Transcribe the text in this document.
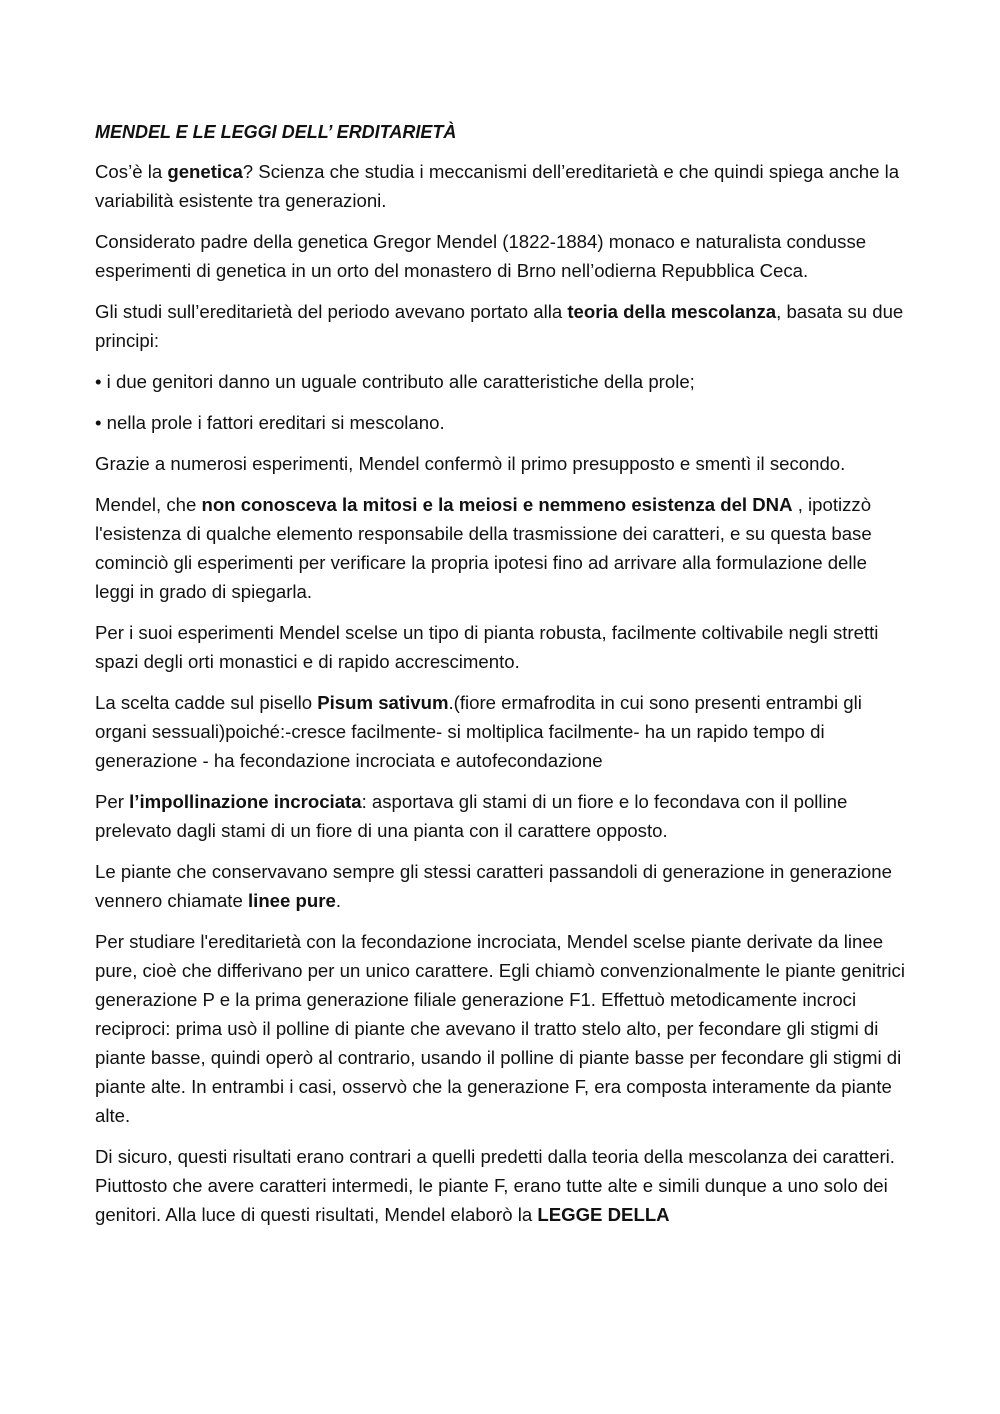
MENDEL E LE LEGGI DELL’ ERDITARIETÀ

Cos’è la genetica? Scienza che studia i meccanismi dell’ereditarietà e che quindi spiega anche la variabilità esistente tra generazioni.

Considerato padre della genetica Gregor Mendel (1822-1884) monaco e naturalista condusse esperimenti di genetica in un orto del monastero di Brno nell’odierna Repubblica Ceca.

Gli studi sull’ereditarietà del periodo avevano portato alla teoria della mescolanza, basata su due principi:

• i due genitori danno un uguale contributo alle caratteristiche della prole;

• nella prole i fattori ereditari si mescolano.

Grazie a numerosi esperimenti, Mendel confermò il primo presupposto e smentì il secondo.

Mendel, che non conosceva la mitosi e la meiosi e nemmeno esistenza del DNA , ipotizzò l'esistenza di qualche elemento responsabile della trasmissione dei caratteri, e su questa base cominciò gli esperimenti per verificare la propria ipotesi fino ad arrivare alla formulazione delle leggi in grado di spiegarla.

Per i suoi esperimenti Mendel scelse un tipo di pianta robusta, facilmente coltivabile negli stretti spazi degli orti monastici e di rapido accrescimento.

La scelta cadde sul pisello Pisum sativum.(fiore ermafrodita in cui sono presenti entrambi gli organi sessuali)poiché:-cresce facilmente- si moltiplica facilmente- ha un rapido tempo di generazione - ha fecondazione incrociata e autofecondazione

Per l’impollinazione incrociata: asportava gli stami di un fiore e lo fecondava con il polline prelevato dagli stami di un fiore di una pianta con il carattere opposto.

Le piante che conservavano sempre gli stessi caratteri passandoli di generazione in generazione vennero chiamate linee pure.

Per studiare l'ereditarietà con la fecondazione incrociata, Mendel scelse piante derivate da linee pure, cioè che differivano per un unico carattere. Egli chiamò convenzionalmente le piante genitrici generazione P e la prima generazione filiale generazione F1. Effettuò metodicamente incroci reciproci: prima usò il polline di piante che avevano il tratto stelo alto, per fecondare gli stigmi di piante basse, quindi operò al contrario, usando il polline di piante basse per fecondare gli stigmi di piante alte. In entrambi i casi, osservò che la generazione F, era composta interamente da piante alte.

Di sicuro, questi risultati erano contrari a quelli predetti dalla teoria della mescolanza dei caratteri. Piuttosto che avere caratteri intermedi, le piante F, erano tutte alte e simili dunque a uno solo dei genitori. Alla luce di questi risultati, Mendel elaborò la LEGGE DELLA
